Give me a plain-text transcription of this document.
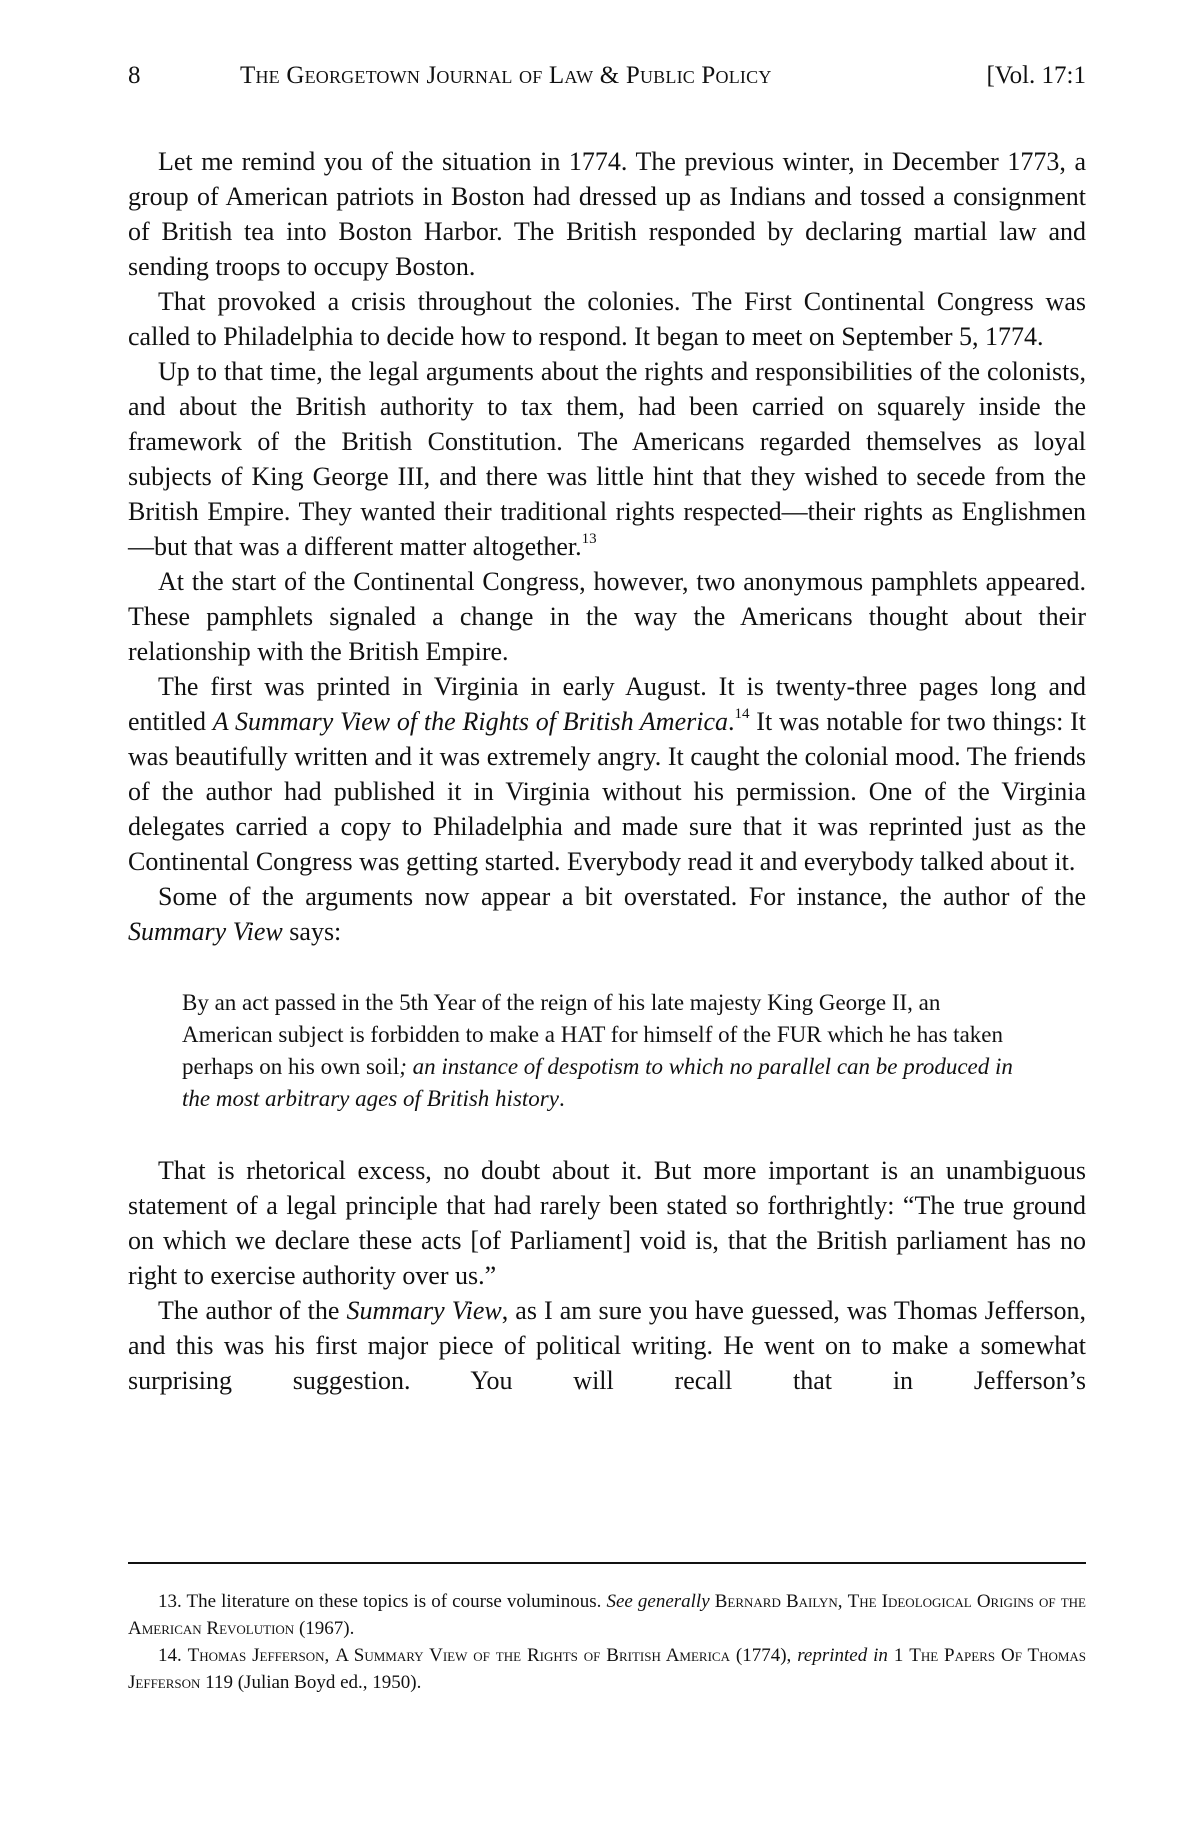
8	The Georgetown Journal of Law & Public Policy	[Vol. 17:1

Let me remind you of the situation in 1774. The previous winter, in December 1773, a group of American patriots in Boston had dressed up as Indians and tossed a consignment of British tea into Boston Harbor. The British responded by declaring martial law and sending troops to occupy Boston.

That provoked a crisis throughout the colonies. The First Continental Congress was called to Philadelphia to decide how to respond. It began to meet on September 5, 1774.

Up to that time, the legal arguments about the rights and responsibilities of the colonists, and about the British authority to tax them, had been carried on squarely inside the framework of the British Constitution. The Americans regarded themselves as loyal subjects of King George III, and there was little hint that they wished to secede from the British Empire. They wanted their traditional rights respected—their rights as Englishmen—but that was a different matter altogether.$^{13}$

At the start of the Continental Congress, however, two anonymous pamphlets appeared. These pamphlets signaled a change in the way the Americans thought about their relationship with the British Empire.

The first was printed in Virginia in early August. It is twenty-three pages long and entitled A Summary View of the Rights of British America.$^{14}$ It was notable for two things: It was beautifully written and it was extremely angry. It caught the colonial mood. The friends of the author had published it in Virginia without his permission. One of the Virginia delegates carried a copy to Philadelphia and made sure that it was reprinted just as the Continental Congress was getting started. Everybody read it and everybody talked about it.

Some of the arguments now appear a bit overstated. For instance, the author of the Summary View says:

By an act passed in the 5th Year of the reign of his late majesty King George II, an American subject is forbidden to make a HAT for himself of the FUR which he has taken perhaps on his own soil; an instance of despotism to which no parallel can be produced in the most arbitrary ages of British history.

That is rhetorical excess, no doubt about it. But more important is an unambiguous statement of a legal principle that had rarely been stated so forthrightly: “The true ground on which we declare these acts [of Parliament] void is, that the British parliament has no right to exercise authority over us.”

The author of the Summary View, as I am sure you have guessed, was Thomas Jefferson, and this was his first major piece of political writing. He went on to make a somewhat surprising suggestion. You will recall that in Jefferson’s

13. The literature on these topics is of course voluminous. See generally Bernard Bailyn, The Ideological Origins of the American Revolution (1967).

14. Thomas Jefferson, A Summary View of the Rights of British America (1774), reprinted in 1 The Papers Of Thomas Jefferson 119 (Julian Boyd ed., 1950).
